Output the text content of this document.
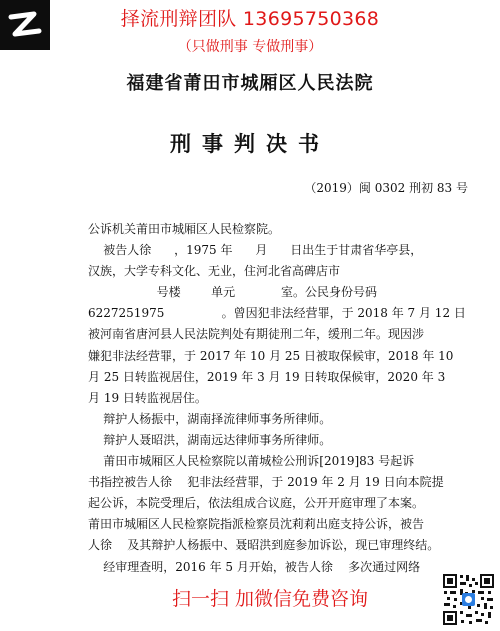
择流刑辩团队 13695750368
（只做刑事 专做刑事）
福建省莆田市城厢区人民法院
刑事判决书
（2019）闽 0302 刑初 83 号
公诉机关莆田市城厢区人民检察院。
被告人徐      ，1975 年      月      日出生于甘肃省华亭县，
汉族，大学专科文化、无业，住河北省高碑店市
号楼        单元            室。公民身份号码
6227251975               。曾因犯非法经营罪，于 2018 年 7 月 12 日
被河南省唐河县人民法院判处有期徒刑二年，缓刑二年。现因涉
嫌犯非法经营罪，于 2017 年 10 月 25 日被取保候审，2018 年 10
月 25 日转监视居住，2019 年 3 月 19 日转取保候审，2020 年 3
月 19 日转监视居住。
辩护人杨振中，湖南择流律师事务所律师。
辩护人聂昭洪，湖南远达律师事务所律师。
莆田市城厢区人民检察院以莆城检公刑诉[2019]83 号起诉
书指控被告人徐    犯非法经营罪，于 2019 年 2 月 19 日向本院提
起公诉，本院受理后，依法组成合议庭，公开开庭审理了本案。
莆田市城厢区人民检察院指派检察员沈莉莉出庭支持公诉，被告
人徐    及其辩护人杨振中、聂昭洪到庭参加诉讼，现已审理终结。
经审理查明，2016 年 5 月开始，被告人徐    多次通过网络
扫一扫 加微信免费咨询
